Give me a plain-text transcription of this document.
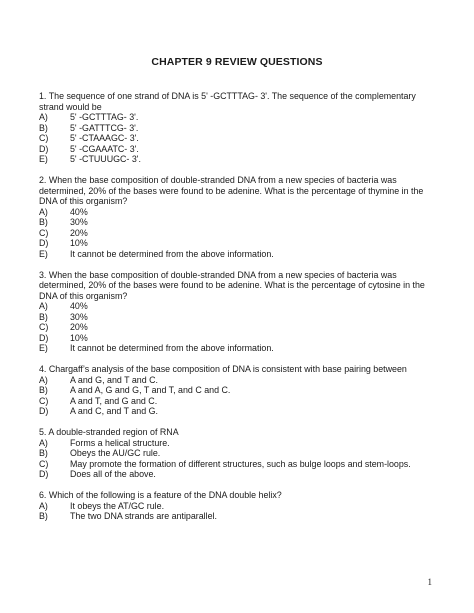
CHAPTER 9 REVIEW QUESTIONS

1. The sequence of one strand of DNA is 5' -GCTTTAG- 3'. The sequence of the complementary strand would be

A)	5' -GCTTTAG- 3'.
B)	5' -GATTTCG- 3'.
C)	5' -CTAAAGC- 3'.
D)	5' -CGAAATC- 3'.
E)	5' -CTUUUGC- 3'.

2. When the base composition of double-stranded DNA from a new species of bacteria was determined, 20% of the bases were found to be adenine. What is the percentage of thymine in the DNA of this organism?

A)	40%
B)	30%
C)	20%
D)	10%
E)	It cannot be determined from the above information.

3. When the base composition of double-stranded DNA from a new species of bacteria was determined, 20% of the bases were found to be adenine. What is the percentage of cytosine in the DNA of this organism?

A)	40%
B)	30%
C)	20%
D)	10%
E)	It cannot be determined from the above information.

4. Chargaff’s analysis of the base composition of DNA is consistent with base pairing between

A)	A and G, and T and C.
B)	A and A, G and G, T and T, and C and C.
C)	A and T, and G and C.
D)	A and C, and T and G.

5. A double-stranded region of RNA

A)	Forms a helical structure.
B)	Obeys the AU/GC rule.
C)	May promote the formation of different structures, such as bulge loops and stem-loops.
D)	Does all of the above.

6. Which of the following is a feature of the DNA double helix?

A)	It obeys the AT/GC rule.
B)	The two DNA strands are antiparallel.
1
